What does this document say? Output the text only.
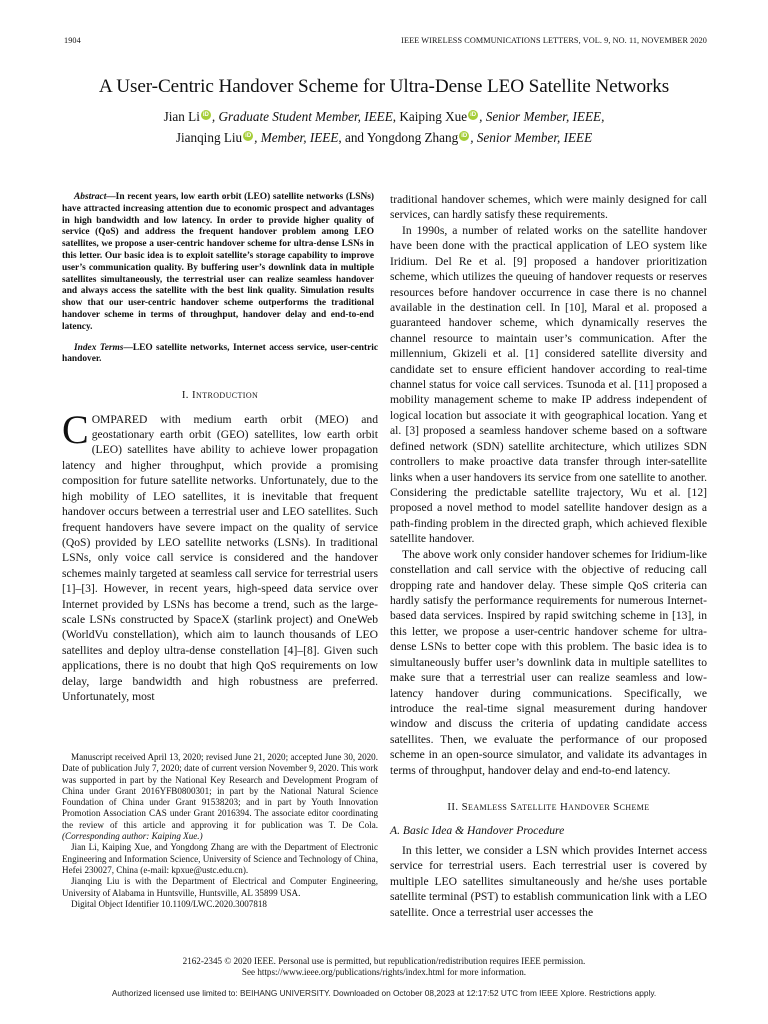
1904	IEEE WIRELESS COMMUNICATIONS LETTERS, VOL. 9, NO. 11, NOVEMBER 2020
A User-Centric Handover Scheme for Ultra-Dense LEO Satellite Networks
Jian Li iD , Graduate Student Member, IEEE, Kaiping Xue iD , Senior Member, IEEE,
Jianqing Liu iD , Member, IEEE, and Yongdong Zhang iD , Senior Member, IEEE

Abstract—In recent years, low earth orbit (LEO) satellite networks (LSNs) have attracted increasing attention due to economic prospect and advantages in high bandwidth and low latency. In order to provide higher quality of service (QoS) and address the frequent handover problem among LEO satellites, we propose a user-centric handover scheme for ultra-dense LSNs in this letter. Our basic idea is to exploit satellite’s storage capability to improve user’s communication quality. By buffering user’s downlink data in multiple satellites simultaneously, the terrestrial user can realize seamless handover and always access the satellite with the best link quality. Simulation results show that our user-centric handover scheme outperforms the traditional handover scheme in terms of throughput, handover delay and end-to-end latency.

Index Terms—LEO satellite networks, Internet access service, user-centric handover.

I. Introduction

COMPARED with medium earth orbit (MEO) and geostationary earth orbit (GEO) satellites, low earth orbit (LEO) satellites have ability to achieve lower propagation latency and higher throughput, which provide a promising composition for future satellite networks. Unfortunately, due to the high mobility of LEO satellites, it is inevitable that frequent handover occurs between a terrestrial user and LEO satellites. Such frequent handovers have severe impact on the quality of service (QoS) provided by LEO satellite networks (LSNs). In traditional LSNs, only voice call service is considered and the handover schemes mainly targeted at seamless call service for terrestrial users [1]–[3]. However, in recent years, high-speed data service over Internet provided by LSNs has become a trend, such as the large-scale LSNs constructed by SpaceX (starlink project) and OneWeb (WorldVu constellation), which aim to launch thousands of LEO satellites and deploy ultra-dense constellation [4]–[8]. Given such applications, there is no doubt that high QoS requirements on low delay, large bandwidth and high robustness are preferred. Unfortunately, most

Manuscript received April 13, 2020; revised June 21, 2020; accepted June 30, 2020. Date of publication July 7, 2020; date of current version November 9, 2020. This work was supported in part by the National Key Research and Development Program of China under Grant 2016YFB0800301; in part by the National Natural Science Foundation of China under Grant 91538203; and in part by Youth Innovation Promotion Association CAS under Grant 2016394. The associate editor coordinating the review of this article and approving it for publication was T. De Cola. (Corresponding author: Kaiping Xue.)

Jian Li, Kaiping Xue, and Yongdong Zhang are with the Department of Electronic Engineering and Information Science, University of Science and Technology of China, Hefei 230027, China (e-mail: kpxue@ustc.edu.cn).

Jianqing Liu is with the Department of Electrical and Computer Engineering, University of Alabama in Huntsville, Huntsville, AL 35899 USA.

Digital Object Identifier 10.1109/LWC.2020.3007818

traditional handover schemes, which were mainly designed for call services, can hardly satisfy these requirements.

In 1990s, a number of related works on the satellite handover have been done with the practical application of LEO system like Iridium. Del Re et al. [9] proposed a handover prioritization scheme, which utilizes the queuing of handover requests or reserves resources before handover occurrence in case there is no channel available in the destination cell. In [10], Maral et al. proposed a guaranteed handover scheme, which dynamically reserves the channel resource to maintain user’s communication. After the millennium, Gkizeli et al. [1] considered satellite diversity and candidate set to ensure efficient handover according to real-time channel status for voice call services. Tsunoda et al. [11] proposed a mobility management scheme to make IP address independent of logical location but associate it with geographical location. Yang et al. [3] proposed a seamless handover scheme based on a software defined network (SDN) satellite architecture, which utilizes SDN controllers to make proactive data transfer through inter-satellite links when a user handovers its service from one satellite to another. Considering the predictable satellite trajectory, Wu et al. [12] proposed a novel method to model satellite handover design as a path-finding problem in the directed graph, which achieved flexible satellite handover.

The above work only consider handover schemes for Iridium-like constellation and call service with the objective of reducing call dropping rate and handover delay. These simple QoS criteria can hardly satisfy the performance requirements for numerous Internet-based data services. Inspired by rapid switching scheme in [13], in this letter, we propose a user-centric handover scheme for ultra-dense LSNs to better cope with this problem. The basic idea is to simultaneously buffer user’s downlink data in multiple satellites to make sure that a terrestrial user can realize seamless and low-latency handover during communications. Specifically, we introduce the real-time signal measurement during handover window and discuss the criteria of updating candidate access satellites. Then, we evaluate the performance of our proposed scheme in an open-source simulator, and validate its advantages in terms of throughput, handover delay and end-to-end latency.

II. Seamless Satellite Handover Scheme
A. Basic Idea & Handover Procedure

In this letter, we consider a LSN which provides Internet access service for terrestrial users. Each terrestrial user is covered by multiple LEO satellites simultaneously and he/she uses portable satellite terminal (PST) to establish communication link with a LEO satellite. Once a terrestrial user accesses the

2162-2345 © 2020 IEEE. Personal use is permitted, but republication/redistribution requires IEEE permission.
See https://www.ieee.org/publications/rights/index.html for more information.
Authorized licensed use limited to: BEIHANG UNIVERSITY. Downloaded on October 08,2023 at 12:17:52 UTC from IEEE Xplore. Restrictions apply.
